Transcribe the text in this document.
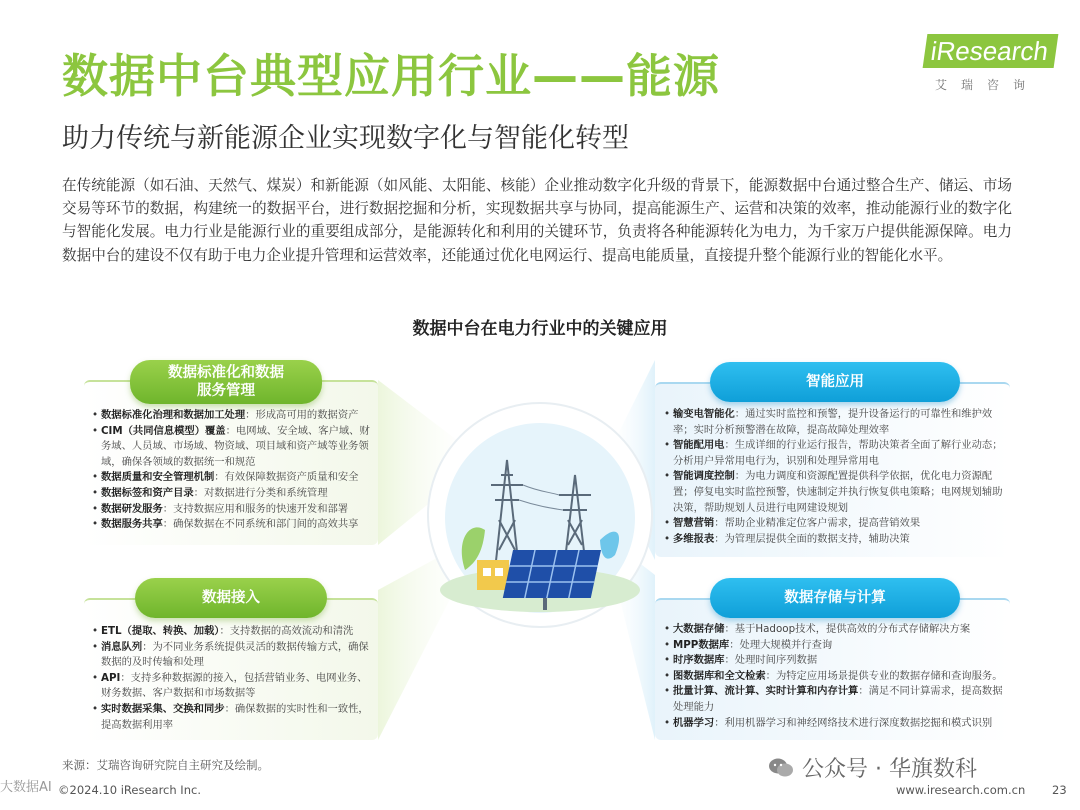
数据中台典型应用行业——能源
助力传统与新能源企业实现数字化与智能化转型
iResearch
艾瑞咨询

在传统能源（如石油、天然气、煤炭）和新能源（如风能、太阳能、核能）企业推动数字化升级的背景下，能源数据中台通过整合生产、储运、市场交易等环节的数据，构建统一的数据平台，进行数据挖掘和分析，实现数据共享与协同，提高能源生产、运营和决策的效率，推动能源行业的数字化与智能化发展。电力行业是能源行业的重要组成部分，是能源转化和利用的关键环节，负责将各种能源转化为电力，为千家万户提供能源保障。电力数据中台的建设不仅有助于电力企业提升管理和运营效率，还能通过优化电网运行、提高电能质量，直接提升整个能源行业的智能化水平。

数据中台在电力行业中的关键应用
数据标准化和数据服务管理
• 数据标准化治理和数据加工处理：形成高可用的数据资产
• CIM（共同信息模型）覆盖：电网域、安全域、客户域、财务域、人员域、市场域、物资域、项目域和资产域等业务领域，确保各领域的数据统一和规范
• 数据质量和安全管理机制：有效保障数据资产质量和安全
• 数据标签和资产目录：对数据进行分类和系统管理
• 数据研发服务：支持数据应用和服务的快速开发和部署
• 数据服务共享：确保数据在不同系统和部门间的高效共享
数据接入
• ETL（提取、转换、加载）：支持数据的高效流动和清洗
• 消息队列：为不同业务系统提供灵活的数据传输方式，确保数据的及时传输和处理
• API：支持多种数据源的接入，包括营销业务、电网业务、财务数据、客户数据和市场数据等
• 实时数据采集、交换和同步：确保数据的实时性和一致性，提高数据利用率
智能应用
• 输变电智能化：通过实时监控和预警，提升设备运行的可靠性和维护效率；实时分析预警潜在故障，提高故障处理效率
• 智能配用电：生成详细的行业运行报告，帮助决策者全面了解行业动态；分析用户异常用电行为，识别和处理异常用电
• 智能调度控制：为电力调度和资源配置提供科学依据，优化电力资源配置；停复电实时监控预警，快速制定并执行恢复供电策略；电网规划辅助决策，帮助规划人员进行电网建设规划
• 智慧营销：帮助企业精准定位客户需求，提高营销效果
• 多维报表：为管理层提供全面的数据支持，辅助决策
数据存储与计算
• 大数据存储：基于Hadoop技术，提供高效的分布式存储解决方案
• MPP数据库：处理大规模并行查询
• 时序数据库：处理时间序列数据
• 图数据库和全文检索：为特定应用场景提供专业的数据存储和查询服务。
• 批量计算、流计算、实时计算和内存计算：满足不同计算需求，提高数据处理能力
• 机器学习：利用机器学习和神经网络技术进行深度数据挖掘和模式识别
来源：艾瑞咨询研究院自主研究及绘制。
©2024.10 iResearch Inc.	www.iresearch.com.cn 23
公众号 · 华旗数科
大数据AI
